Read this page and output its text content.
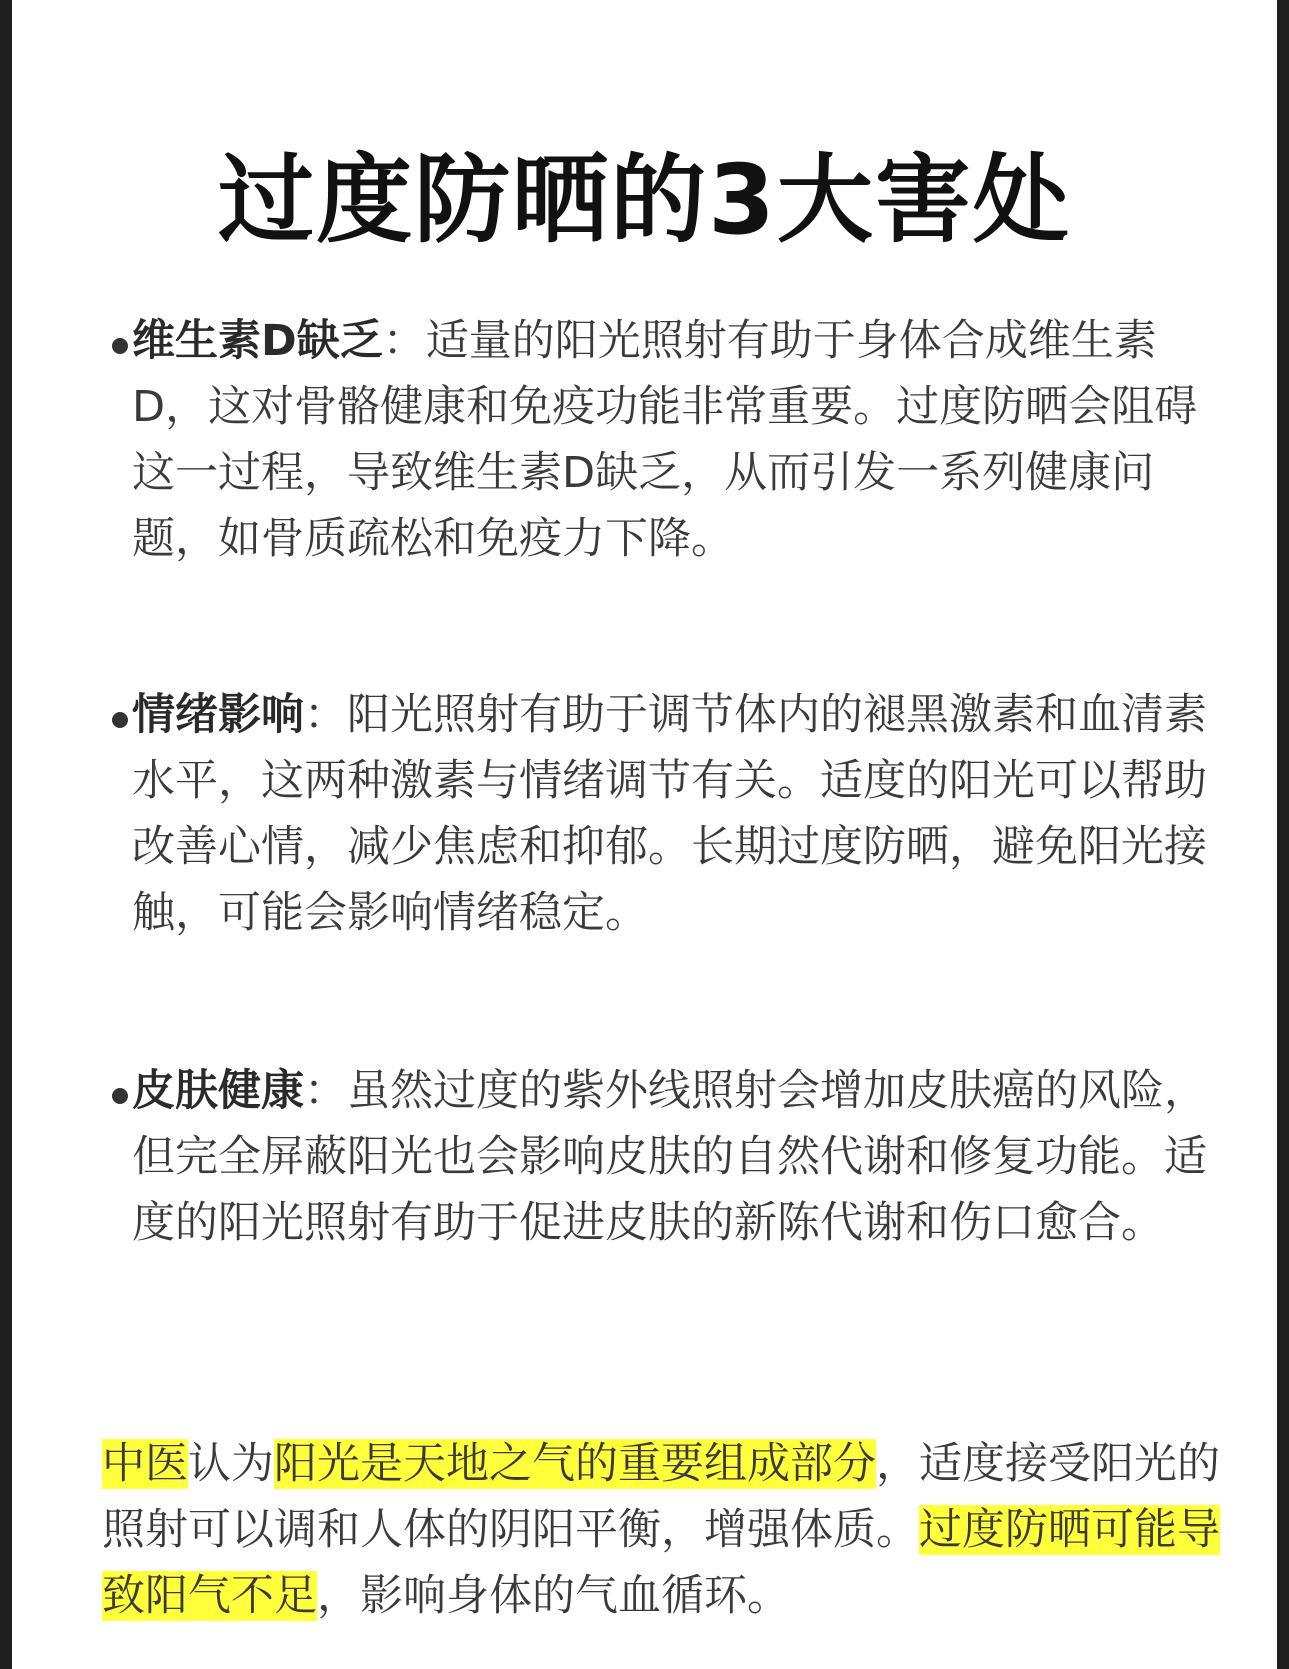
过度防晒的3大害处
维生素D缺乏：适量的阳光照射有助于身体合成维生素D，这对骨骼健康和免疫功能非常重要。过度防晒会阻碍这一过程，导致维生素D缺乏，从而引发一系列健康问题，如骨质疏松和免疫力下降。
情绪影响：阳光照射有助于调节体内的褪黑激素和血清素水平，这两种激素与情绪调节有关。适度的阳光可以帮助改善心情，减少焦虑和抑郁。长期过度防晒，避免阳光接触，可能会影响情绪稳定。
皮肤健康：虽然过度的紫外线照射会增加皮肤癌的风险，但完全屏蔽阳光也会影响皮肤的自然代谢和修复功能。适度的阳光照射有助于促进皮肤的新陈代谢和伤口愈合。
中医认为阳光是天地之气的重要组成部分，适度接受阳光的照射可以调和人体的阴阳平衡，增强体质。过度防晒可能导致阳气不足，影响身体的气血循环。
